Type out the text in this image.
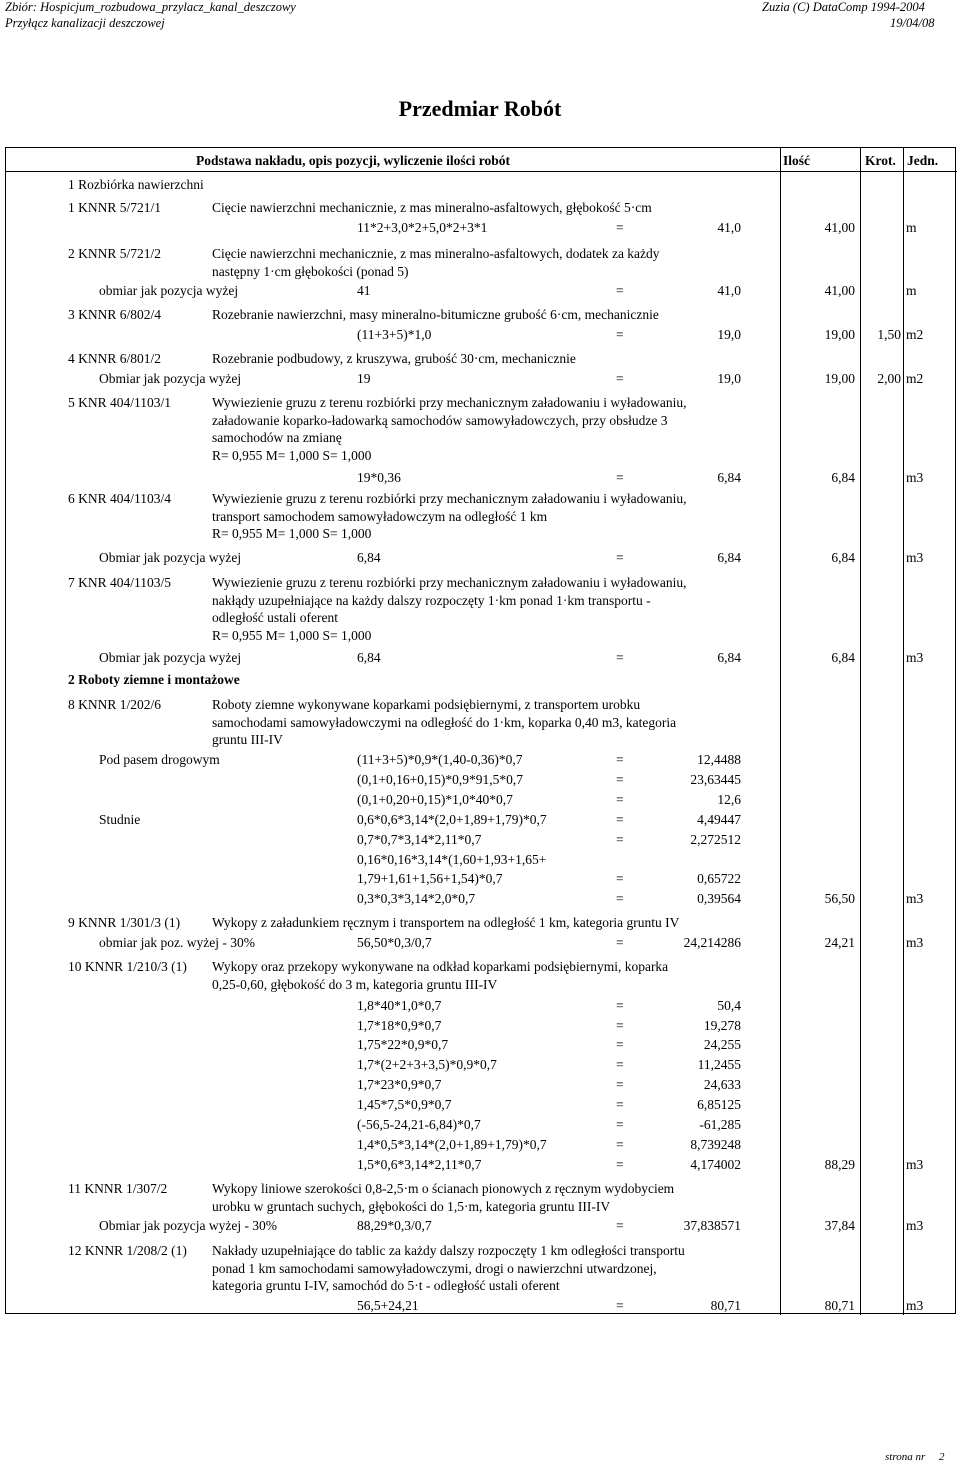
Zbiór: Hospicjum_rozbudowa_przylacz_kanal_deszczowy
Przyłącz kanalizacji deszczowej
Zuzia (C) DataComp 1994-2004
19/04/08
Przedmiar Robót
Podstawa nakładu, opis pozycji, wyliczenie ilości robót	Ilość	Krot. Jedn.
1 Rozbiórka nawierzchni
2 Roboty ziemne i montażowe
1 KNNR 5/721/1	Cięcie nawierzchni mechanicznie, z mas mineralno-asfaltowych, głębokość 5·cm
11*2+3,0*2+5,0*2+3*1	=	41,0	41,00	m
2 KNNR 5/721/2	Cięcie nawierzchni mechanicznie, z mas mineralno-asfaltowych, dodatek za każdy
następny 1·cm głębokości (ponad 5)
obmiar jak pozycja wyżej	41	=	41,0	41,00	m
3 KNNR 6/802/4	Rozebranie nawierzchni, masy mineralno-bitumiczne grubość 6·cm, mechanicznie
(11+3+5)*1,0	=	19,0	19,00	1,50 m2
4 KNNR 6/801/2	Rozebranie podbudowy, z kruszywa, grubość 30·cm, mechanicznie
Obmiar jak pozycja wyżej	19	=	19,0	19,00	2,00 m2
5 KNR 404/1103/1	Wywiezienie gruzu z terenu rozbiórki przy mechanicznym załadowaniu i wyładowaniu,
załadowanie koparko-ładowarką samochodów samowyładowczych, przy obsłudze 3
samochodów na zmianę
R= 0,955 M= 1,000 S= 1,000
19*0,36	=	6,84	6,84	m3
6 KNR 404/1103/4	Wywiezienie gruzu z terenu rozbiórki przy mechanicznym załadowaniu i wyładowaniu,
transport samochodem samowyładowczym na odległość 1 km
R= 0,955 M= 1,000 S= 1,000
Obmiar jak pozycja wyżej	6,84	=	6,84	6,84	m3
7 KNR 404/1103/5	Wywiezienie gruzu z terenu rozbiórki przy mechanicznym załadowaniu i wyładowaniu,
nakłądy uzupełniające na każdy dalszy rozpoczęty 1·km ponad 1·km transportu -
odległość ustali oferent
R= 0,955 M= 1,000 S= 1,000
Obmiar jak pozycja wyżej	6,84	=	6,84	6,84	m3
8 KNNR 1/202/6	Roboty ziemne wykonywane koparkami podsiębiernymi, z transportem urobku
samochodami samowyładowczymi na odległość do 1·km, koparka 0,40 m3, kategoria
gruntu III-IV
Pod pasem drogowym	(11+3+5)*0,9*(1,40-0,36)*0,7	=	12,4488
(0,1+0,16+0,15)*0,9*91,5*0,7	=	23,63445
(0,1+0,20+0,15)*1,0*40*0,7	=	12,6
Studnie	0,6*0,6*3,14*(2,0+1,89+1,79)*0,7	=	4,49447
0,7*0,7*3,14*2,11*0,7	=	2,272512
0,16*0,16*3,14*(1,60+1,93+1,65+
1,79+1,61+1,56+1,54)*0,7	=	0,65722
0,3*0,3*3,14*2,0*0,7	=	0,39564	56,50	m3
9 KNNR 1/301/3 (1) Wykopy z załadunkiem ręcznym i transportem na odległość 1 km, kategoria gruntu IV
obmiar jak poz. wyżej - 30%	56,50*0,3/0,7	=	24,214286	24,21	m3
10 KNNR 1/210/3 (1) Wykopy oraz przekopy wykonywane na odkład koparkami podsiębiernymi, koparka
0,25-0,60, głębokość do 3 m, kategoria gruntu III-IV
1,8*40*1,0*0,7	=	50,4
1,7*18*0,9*0,7	=	19,278
1,75*22*0,9*0,7	=	24,255
1,7*(2+2+3+3,5)*0,9*0,7	=	11,2455
1,7*23*0,9*0,7	=	24,633
1,45*7,5*0,9*0,7	=	6,85125
(-56,5-24,21-6,84)*0,7	=	-61,285
1,4*0,5*3,14*(2,0+1,89+1,79)*0,7	=	8,739248
1,5*0,6*3,14*2,11*0,7	=	4,174002	88,29	m3
11 KNNR 1/307/2	Wykopy liniowe szerokości 0,8-2,5·m o ścianach pionowych z ręcznym wydobyciem
urobku w gruntach suchych, głębokości do 1,5·m, kategoria gruntu III-IV
Obmiar jak pozycja wyżej - 30%	88,29*0,3/0,7	=	37,838571	37,84	m3
12 KNNR 1/208/2 (1) Nakłady uzupełniające do tablic za każdy dalszy rozpoczęty 1 km odległości transportu
ponad 1 km samochodami samowyładowczymi, drogi o nawierzchni utwardzonej,
kategoria gruntu I-IV, samochód do 5·t - odległość ustali oferent
56,5+24,21	=	80,71	80,71	m3
strona nr 2
